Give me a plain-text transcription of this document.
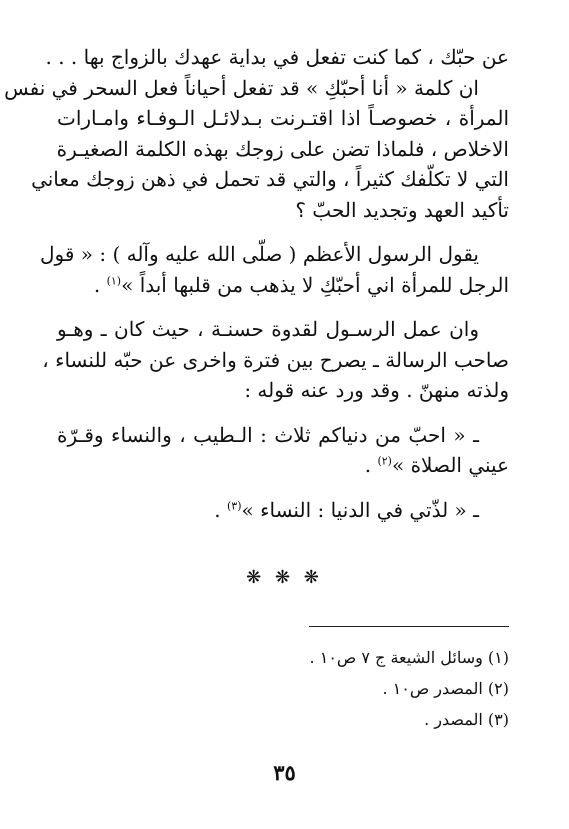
عن حبّك ، كما كنت تفعل في بداية عهدك بالزواج بها . . .
ان كلمة « أنا أحبّكِ » قد تفعل أحياناً فعل السحر في نفس
المرأة ، خصوصـاً اذا اقتـرنت بـدلائـل الـوفـاء وامـارات
الاخلاص ، فلماذا تضن على زوجك بهذه الكلمة الصغيـرة
التي لا تكلّفك كثيراً ، والتي قد تحمل في ذهن زوجك معاني
تأكيد العهد وتجديد الحبّ ؟
يقول الرسول الأعظم ( صلّى الله عليه وآله ) : « قول
الرجل للمرأة اني أحبّكِ لا يذهب من قلبها أبداً »$^{(١)}$ .
وان عمل الرسـول لقدوة حسنـة ، حيث كان ـ وهـو
صاحب الرسالة ـ يصرح بين فترة واخرى عن حبّه للنساء ،
ولذته منهنّ . وقد ورد عنه قوله :
ـ « احبّ من دنياكم ثلاث : الـطيب ، والنساء وقـرّة
عيني الصلاة »$^{(٢)}$ .
ـ « لذّتي في الدنيا : النساء »$^{(٣)}$ .
❋ ❋ ❋
(١) وسائل الشيعة ج ٧ ص١٠ .
(٢) المصدر ص١٠ .
(٣) المصدر .
٣٥
